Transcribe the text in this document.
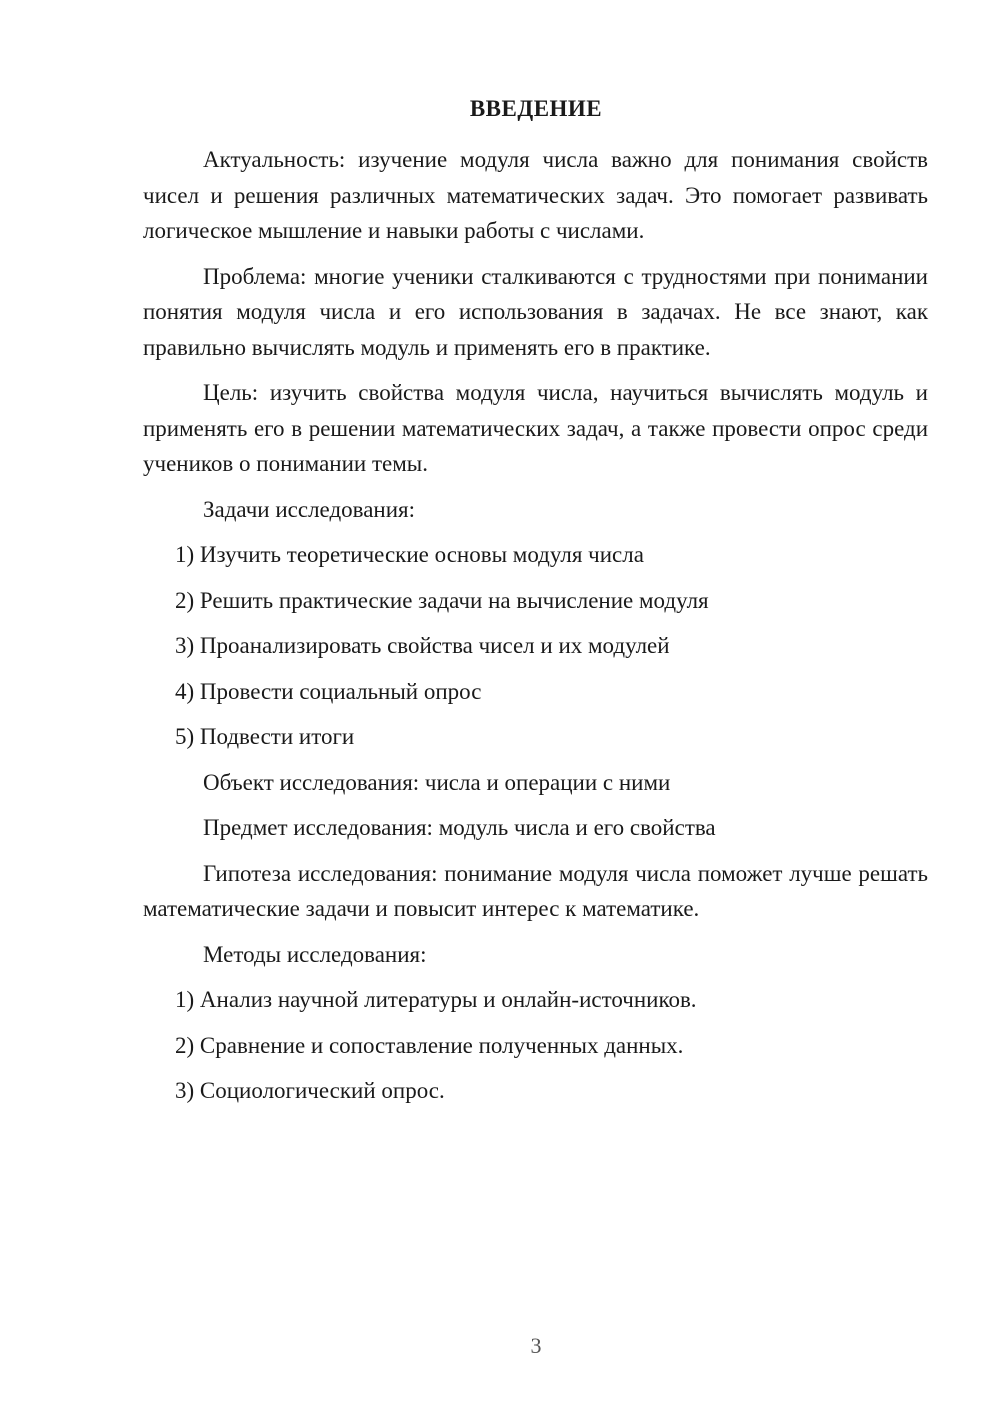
ВВЕДЕНИЕ

Актуальность: изучение модуля числа важно для понимания свойств чисел и решения различных математических задач. Это помогает развивать логическое мышление и навыки работы с числами.

Проблема: многие ученики сталкиваются с трудностями при понимании понятия модуля числа и его использования в задачах. Не все знают, как правильно вычислять модуль и применять его в практике.

Цель: изучить свойства модуля числа, научиться вычислять модуль и применять его в решении математических задач, а также провести опрос среди учеников о понимании темы.

Задачи исследования:

1) Изучить теоретические основы модуля числа
2) Решить практические задачи на вычисление модуля
3) Проанализировать свойства чисел и их модулей
4) Провести социальный опрос
5) Подвести итоги

Объект исследования: числа и операции с ними

Предмет исследования: модуль числа и его свойства

Гипотеза исследования: понимание модуля числа поможет лучше решать математические задачи и повысит интерес к математике.

Методы исследования:

1) Анализ научной литературы и онлайн-источников.
2) Сравнение и сопоставление полученных данных.
3) Социологический опрос.
3
